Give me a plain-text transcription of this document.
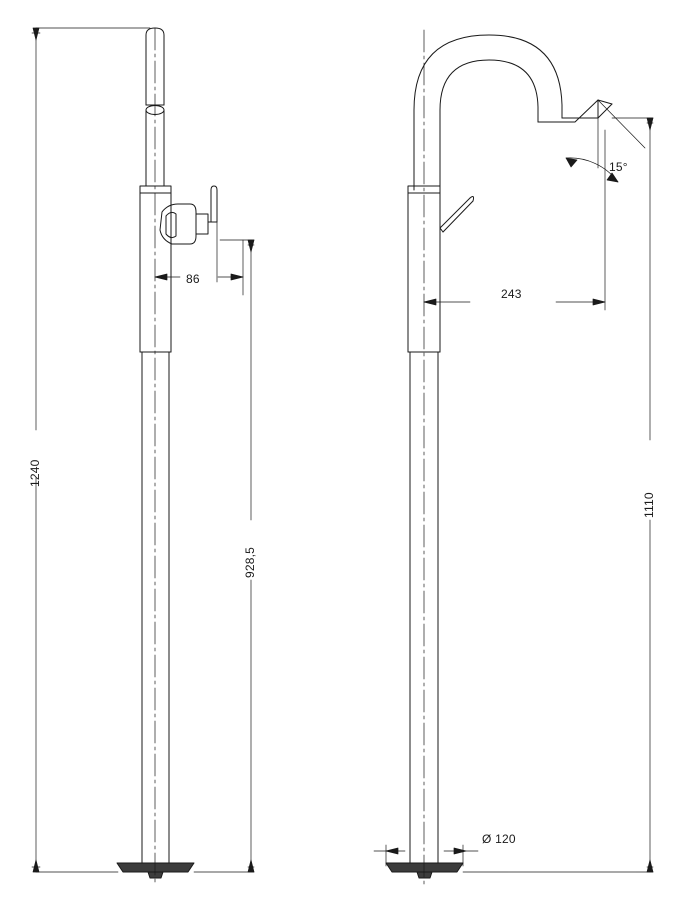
1240
86
928,5
243
1110
15°
Ø 120
